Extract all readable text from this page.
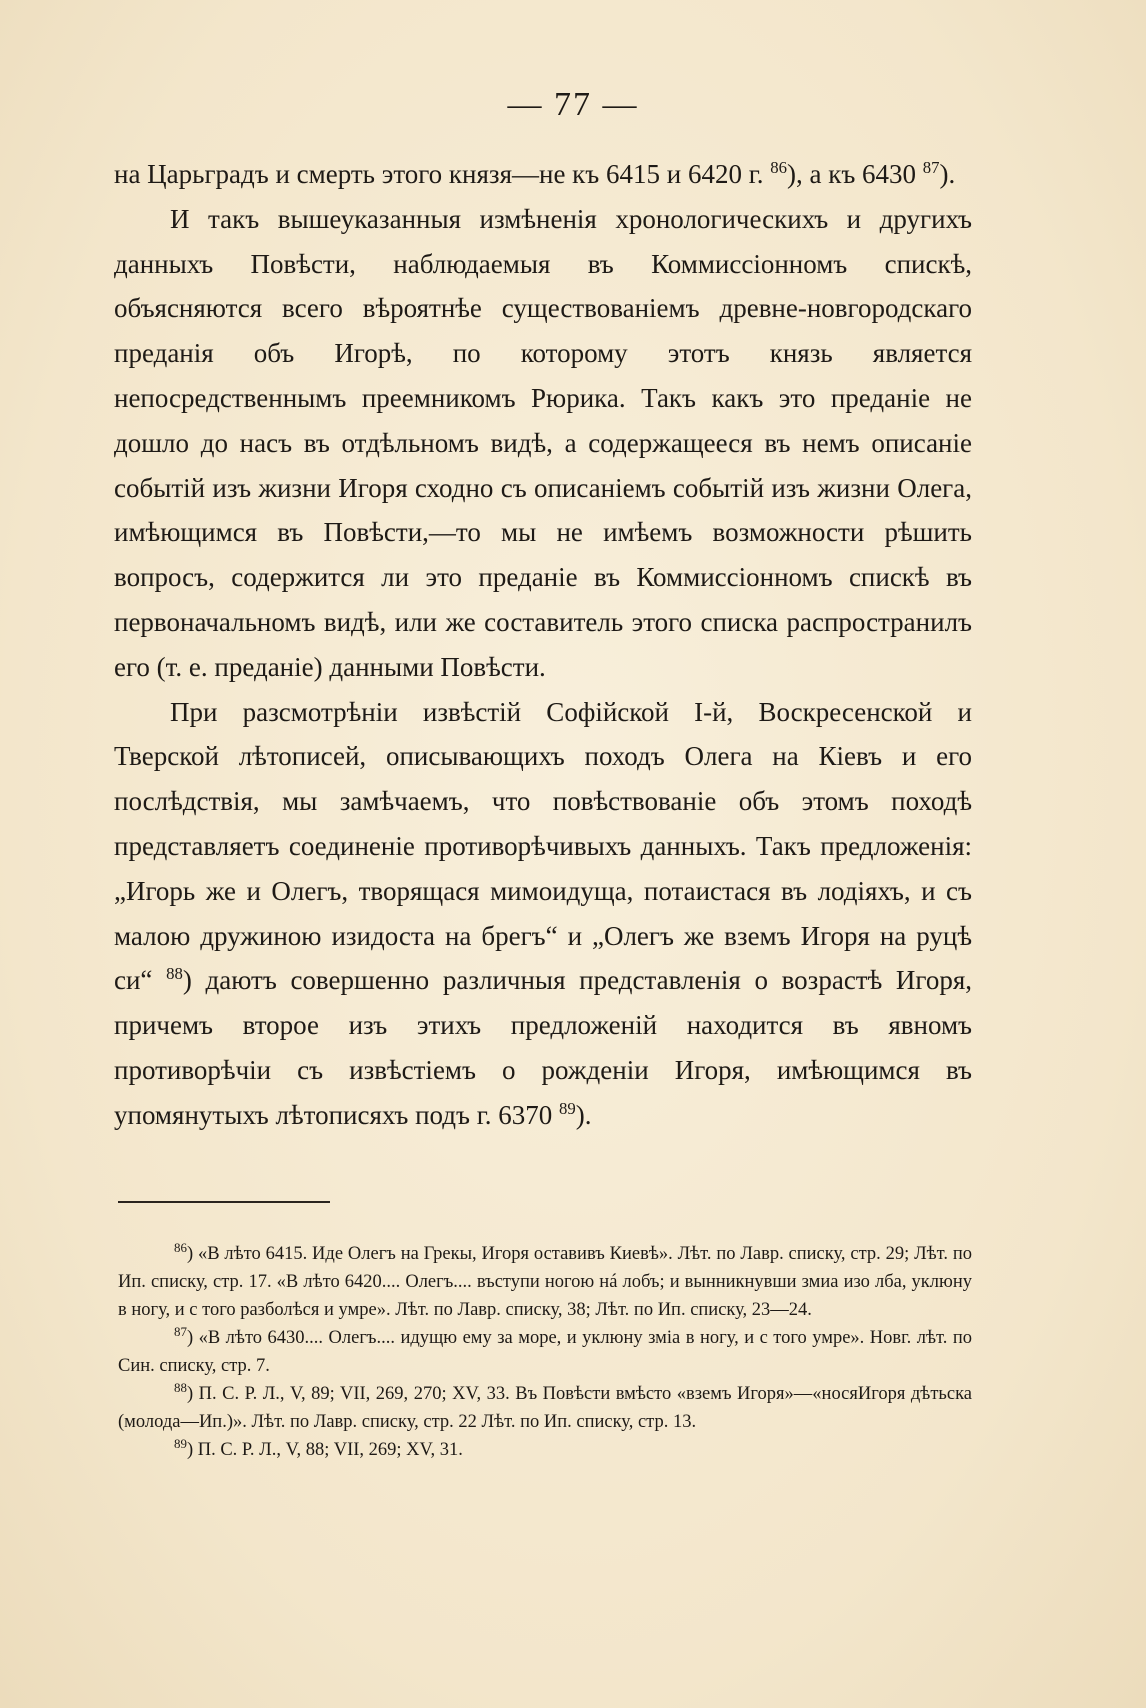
— 77 —

на Царьградъ и смерть этого князя—не къ 6415 и 6420 г. $^{86}$), а къ 6430 $^{87}$).

И такъ вышеуказанныя измѣненія хронологическихъ и другихъ данныхъ Повѣсти, наблюдаемыя въ Коммиссіонномъ спискѣ, объясняются всего вѣроятнѣе существованіемъ древне-новгородскаго преданія объ Игорѣ, по которому этотъ князь является непосредственнымъ преемникомъ Рюрика. Такъ какъ это преданіе не дошло до насъ въ отдѣльномъ видѣ, а содержащееся въ немъ описаніе событій изъ жизни Игоря сходно съ описаніемъ событій изъ жизни Олега, имѣющимся въ Повѣсти,—то мы не имѣемъ возможности рѣшить вопросъ, содержится ли это преданіе въ Коммиссіонномъ спискѣ въ первоначальномъ видѣ, или же составитель этого списка распространилъ его (т. е. преданіе) данными Повѣсти.

При разсмотрѣніи извѣстій Софійской І-й, Воскресенской и Тверской лѣтописей, описывающихъ походъ Олега на Кіевъ и его послѣдствія, мы замѣчаемъ, что повѣствованіе объ этомъ походѣ представляетъ соединеніе противорѣчивыхъ данныхъ. Такъ предложенія: „Игорь же и Олегъ, творящася мимоидуща, потаистася въ лодіяхъ, и съ малою дружиною изидоста на брегъ“ и „Олегъ же вземъ Игоря на руцѣ си“ $^{88}$) даютъ совершенно различныя представленія о возрастѣ Игоря, причемъ второе изъ этихъ предложеній находится въ явномъ противорѣчіи съ извѣстіемъ о рожденіи Игоря, имѣющимся въ упомянутыхъ лѣтописяхъ подъ г. 6370 $^{89}$).

$^{86}$) «В лѣто 6415. Иде Олегъ на Грекы, Игоря оставивъ Киевѣ». Лѣт. по Лавр. списку, стр. 29; Лѣт. по Ип. списку, стр. 17. «В лѣто 6420.... Олегъ.... въступи ногою нá лобъ; и вынникнувши змиа изо лба, уклюну в ногу, и с того разболѣся и умре». Лѣт. по Лавр. списку, 38; Лѣт. по Ип. списку, 23—24.

$^{87}$) «В лѣто 6430.... Олегъ.... идущю ему за море, и уклюну змiа в ногу, и с того умре». Новг. лѣт. по Син. списку, стр. 7.

$^{88}$) П. С. Р. Л., V, 89; VII, 269, 270; XV, 33. Въ Повѣсти вмѣсто «вземъ Игоря»—«носяИгоря дѣтьска (молода—Ип.)». Лѣт. по Лавр. списку, стр. 22 Лѣт. по Ип. списку, стр. 13.

$^{89}$) П. С. Р. Л., V, 88; VII, 269; XV, 31.
